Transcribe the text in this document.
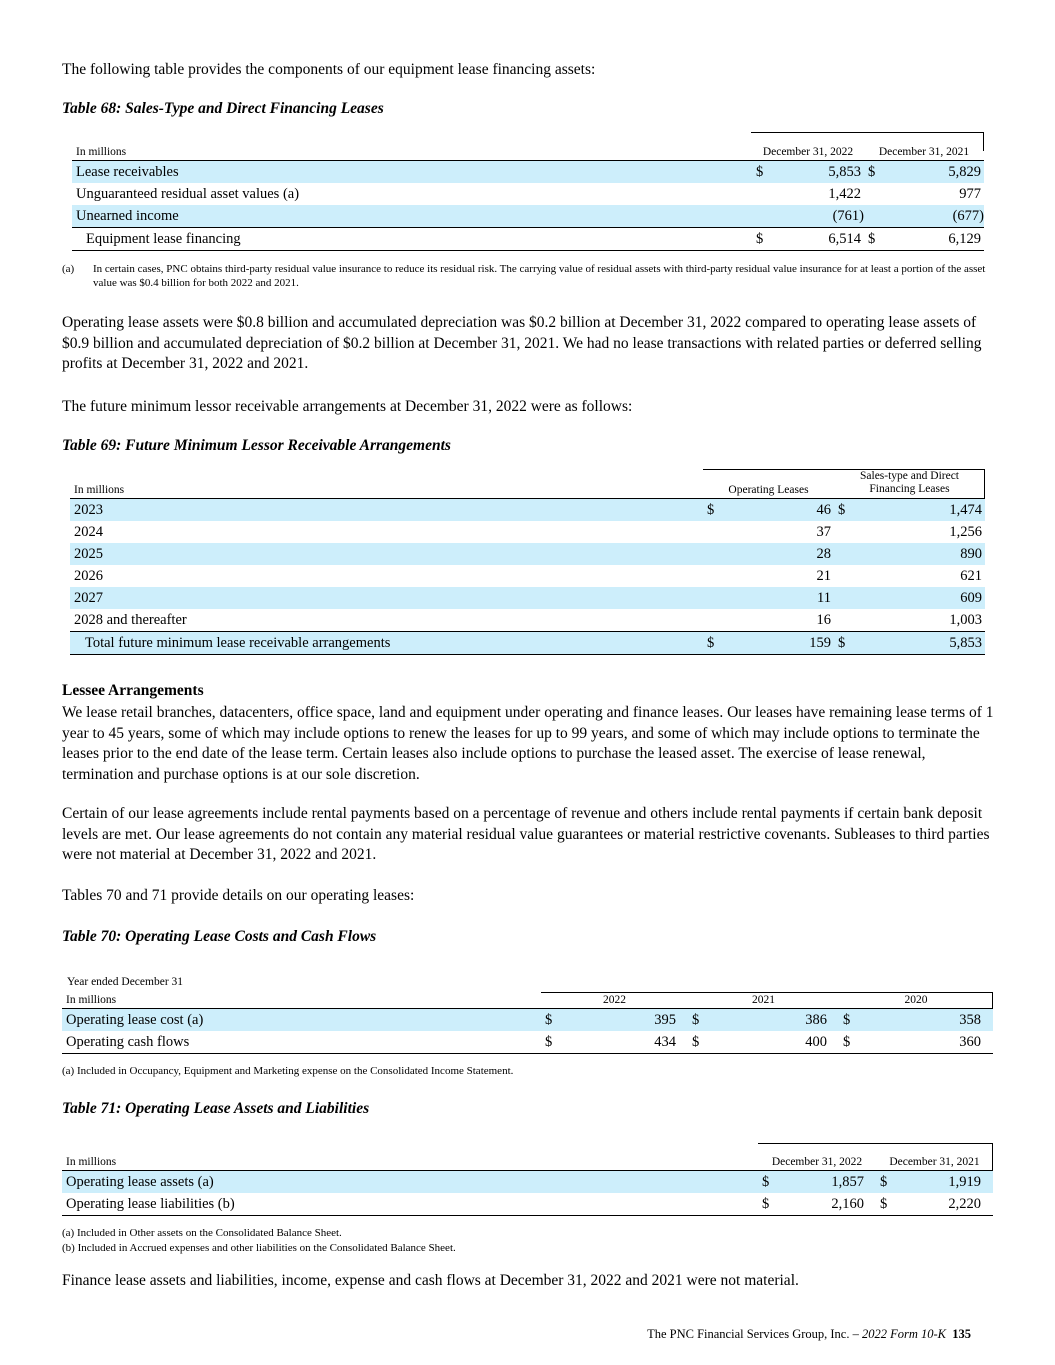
The following table provides the components of our equipment lease financing assets:

Table 68: Sales-Type and Direct Financing Leases

In millions	December 31, 2022		December 31, 2021	
Lease receivables	$	5,853	$	5,829
Unguaranteed residual asset values (a)		1,422		977
Unearned income		(761)		(677)
Equipment lease financing	$	6,514	$	6,129
(a) In certain cases, PNC obtains third-party residual value insurance to reduce its residual risk. The carrying value of residual assets with third-party residual value insurance for at least a portion of the asset value was $0.4 billion for both 2022 and 2021.

Operating lease assets were $0.8 billion and accumulated depreciation was $0.2 billion at December 31, 2022 compared to operating lease assets of $0.9 billion and accumulated depreciation of $0.2 billion at December 31, 2021. We had no lease transactions with related parties or deferred selling profits at December 31, 2022 and 2021.

The future minimum lessor receivable arrangements at December 31, 2022 were as follows:

Table 69: Future Minimum Lessor Receivable Arrangements

In millions	Operating Leases		Sales-type and Direct
Financing Leases	
2023	$	46	$	1,474
2024		37		1,256
2025		28		890
2026		21		621
2027		11		609
2028 and thereafter		16		1,003
Total future minimum lease receivable arrangements	$	159	$	5,853

Lessee Arrangements

We lease retail branches, datacenters, office space, land and equipment under operating and finance leases. Our leases have remaining lease terms of 1 year to 45 years, some of which may include options to renew the leases for up to 99 years, and some of which may include options to terminate the leases prior to the end date of the lease term. Certain leases also include options to purchase the leased asset. The exercise of lease renewal, termination and purchase options is at our sole discretion.

Certain of our lease agreements include rental payments based on a percentage of revenue and others include rental payments if certain bank deposit levels are met. Our lease agreements do not contain any material residual value guarantees or material restrictive covenants. Subleases to third parties were not material at December 31, 2022 and 2021.

Tables 70 and 71 provide details on our operating leases:

Table 70: Operating Lease Costs and Cash Flows

Year ended December 31
In millions	2022		2021		2020	
Operating lease cost (a)	$	395	$	386	$	358
Operating cash flows	$	434	$	400	$	360

(a) Included in Occupancy, Equipment and Marketing expense on the Consolidated Income Statement.

Table 71: Operating Lease Assets and Liabilities

In millions	December 31, 2022		December 31, 2021	
Operating lease assets (a)	$	1,857	$	1,919
Operating lease liabilities (b)	$	2,160	$	2,220

(a) Included in Other assets on the Consolidated Balance Sheet.

(b) Included in Accrued expenses and other liabilities on the Consolidated Balance Sheet.

Finance lease assets and liabilities, income, expense and cash flows at December 31, 2022 and 2021 were not material.

The PNC Financial Services Group, Inc. – 2022 Form 10-K 135
